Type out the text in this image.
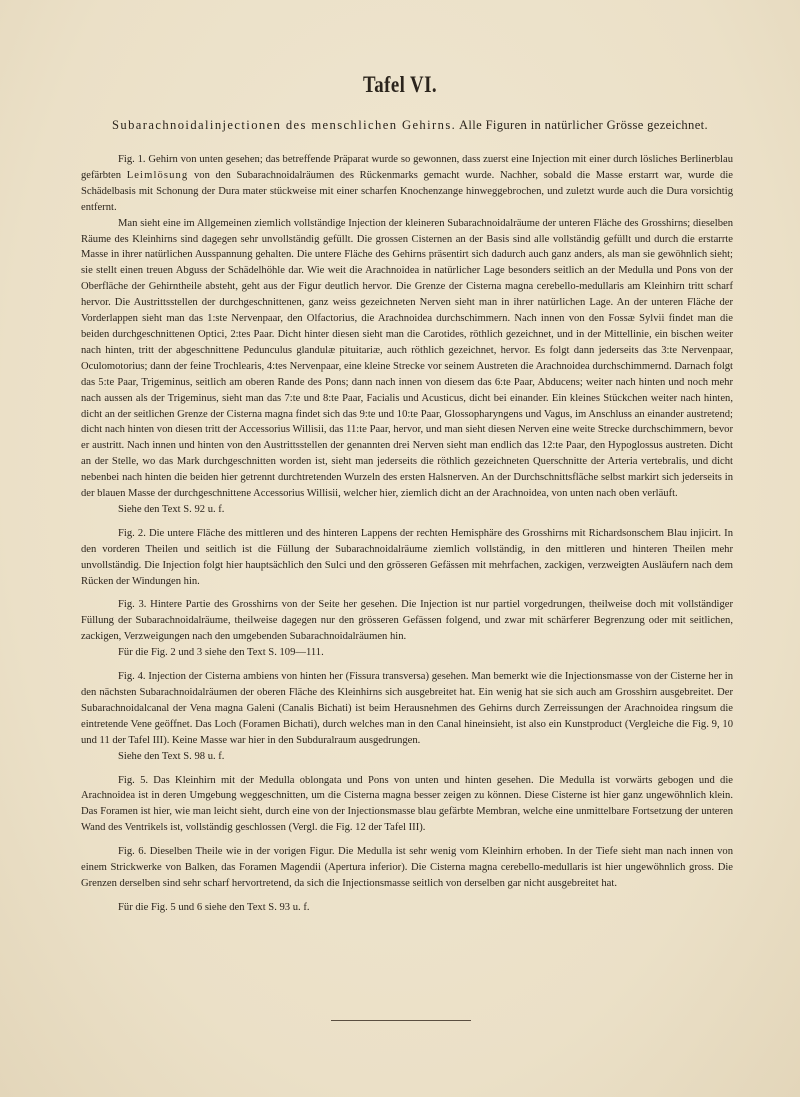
Tafel VI.
Subarachnoidalinjectionen des menschlichen Gehirns. Alle Figuren in natürlicher Grösse gezeichnet.

Fig. 1. Gehirn von unten gesehen; das betreffende Präparat wurde so gewonnen, dass zuerst eine Injection mit einer durch lösliches Berlinerblau gefärbten Leimlösung von den Subarachnoidalräumen des Rückenmarks gemacht wurde. Nachher, sobald die Masse erstarrt war, wurde die Schädelbasis mit Schonung der Dura mater stückweise mit einer scharfen Knochenzange hinweggebrochen, und zuletzt wurde auch die Dura vorsichtig entfernt.

Man sieht eine im Allgemeinen ziemlich vollständige Injection der kleineren Subarachnoidalräume der unteren Fläche des Grosshirns; dieselben Räume des Kleinhirns sind dagegen sehr unvollständig gefüllt. Die grossen Cisternen an der Basis sind alle vollständig gefüllt und durch die erstarrte Masse in ihrer natürlichen Ausspannung gehalten. Die untere Fläche des Gehirns präsentirt sich dadurch auch ganz anders, als man sie gewöhnlich sieht; sie stellt einen treuen Abguss der Schädelhöhle dar. Wie weit die Arachnoidea in natürlicher Lage besonders seitlich an der Medulla und Pons von der Oberfläche der Gehirntheile absteht, geht aus der Figur deutlich hervor. Die Grenze der Cisterna magna cerebello-medullaris am Kleinhirn tritt scharf hervor. Die Austrittsstellen der durchgeschnittenen, ganz weiss gezeichneten Nerven sieht man in ihrer natürlichen Lage. An der unteren Fläche der Vorderlappen sieht man das 1:ste Nervenpaar, den Olfactorius, die Arachnoidea durchschimmern. Nach innen von den Fossæ Sylvii findet man die beiden durchgeschnittenen Optici, 2:tes Paar. Dicht hinter diesen sieht man die Carotides, röthlich gezeichnet, und in der Mittellinie, ein bischen weiter nach hinten, tritt der abgeschnittene Pedunculus glandulæ pituitariæ, auch röthlich gezeichnet, hervor. Es folgt dann jederseits das 3:te Nervenpaar, Oculomotorius; dann der feine Trochlearis, 4:tes Nervenpaar, eine kleine Strecke vor seinem Austreten die Arachnoidea durchschimmernd. Darnach folgt das 5:te Paar, Trigeminus, seitlich am oberen Rande des Pons; dann nach innen von diesem das 6:te Paar, Abducens; weiter nach hinten und noch mehr nach aussen als der Trigeminus, sieht man das 7:te und 8:te Paar, Facialis und Acusticus, dicht bei einander. Ein kleines Stückchen weiter nach hinten, dicht an der seitlichen Grenze der Cisterna magna findet sich das 9:te und 10:te Paar, Glossopharyngens und Vagus, im Anschluss an einander austretend; dicht nach hinten von diesen tritt der Accessorius Willisii, das 11:te Paar, hervor, und man sieht diesen Nerven eine weite Strecke durchschimmern, bevor er austritt. Nach innen und hinten von den Austrittsstellen der genannten drei Nerven sieht man endlich das 12:te Paar, den Hypoglossus austreten. Dicht an der Stelle, wo das Mark durchgeschnitten worden ist, sieht man jederseits die röthlich gezeichneten Querschnitte der Arteria vertebralis, und dicht nebenbei nach hinten die beiden hier getrennt durchtretenden Wurzeln des ersten Halsnerven. An der Durchschnittsfläche selbst markirt sich jederseits in der blauen Masse der durchgeschnittene Accessorius Willisii, welcher hier, ziemlich dicht an der Arachnoidea, von unten nach oben verläuft.

Siehe den Text S. 92 u. f.

Fig. 2. Die untere Fläche des mittleren und des hinteren Lappens der rechten Hemisphäre des Grosshirns mit Richardsonschem Blau injicirt. In den vorderen Theilen und seitlich ist die Füllung der Subarachnoidalräume ziemlich vollständig, in den mittleren und hinteren Theilen mehr unvollständig. Die Injection folgt hier hauptsächlich den Sulci und den grösseren Gefässen mit mehrfachen, zackigen, verzweigten Ausläufern nach dem Rücken der Windungen hin.

Fig. 3. Hintere Partie des Grosshirns von der Seite her gesehen. Die Injection ist nur partiel vorgedrungen, theilweise doch mit vollständiger Füllung der Subarachnoidalräume, theilweise dagegen nur den grösseren Gefässen folgend, und zwar mit schärferer Begrenzung oder mit seitlichen, zackigen, Verzweigungen nach den umgebenden Subarachnoidalräumen hin.

Für die Fig. 2 und 3 siehe den Text S. 109—111.

Fig. 4. Injection der Cisterna ambiens von hinten her (Fissura transversa) gesehen. Man bemerkt wie die Injectionsmasse von der Cisterne her in den nächsten Subarachnoidalräumen der oberen Fläche des Kleinhirns sich ausgebreitet hat. Ein wenig hat sie sich auch am Grosshirn ausgebreitet. Der Subarachnoidalcanal der Vena magna Galeni (Canalis Bichati) ist beim Herausnehmen des Gehirns durch Zerreissungen der Arachnoidea ringsum die eintretende Vene geöffnet. Das Loch (Foramen Bichati), durch welches man in den Canal hineinsieht, ist also ein Kunstproduct (Vergleiche die Fig. 9, 10 und 11 der Tafel III). Keine Masse war hier in den Subduralraum ausgedrungen.

Siehe den Text S. 98 u. f.

Fig. 5. Das Kleinhirn mit der Medulla oblongata und Pons von unten und hinten gesehen. Die Medulla ist vorwärts gebogen und die Arachnoidea ist in deren Umgebung weggeschnitten, um die Cisterna magna besser zeigen zu können. Diese Cisterne ist hier ganz ungewöhnlich klein. Das Foramen ist hier, wie man leicht sieht, durch eine von der Injectionsmasse blau gefärbte Membran, welche eine unmittelbare Fortsetzung der unteren Wand des Ventrikels ist, vollständig geschlossen (Vergl. die Fig. 12 der Tafel III).

Fig. 6. Dieselben Theile wie in der vorigen Figur. Die Medulla ist sehr wenig vom Kleinhirn erhoben. In der Tiefe sieht man nach innen von einem Strickwerke von Balken, das Foramen Magendii (Apertura inferior). Die Cisterna magna cerebello-medullaris ist hier ungewöhnlich gross. Die Grenzen derselben sind sehr scharf hervortretend, da sich die Injectionsmasse seitlich von derselben gar nicht ausgebreitet hat.

Für die Fig. 5 und 6 siehe den Text S. 93 u. f.
